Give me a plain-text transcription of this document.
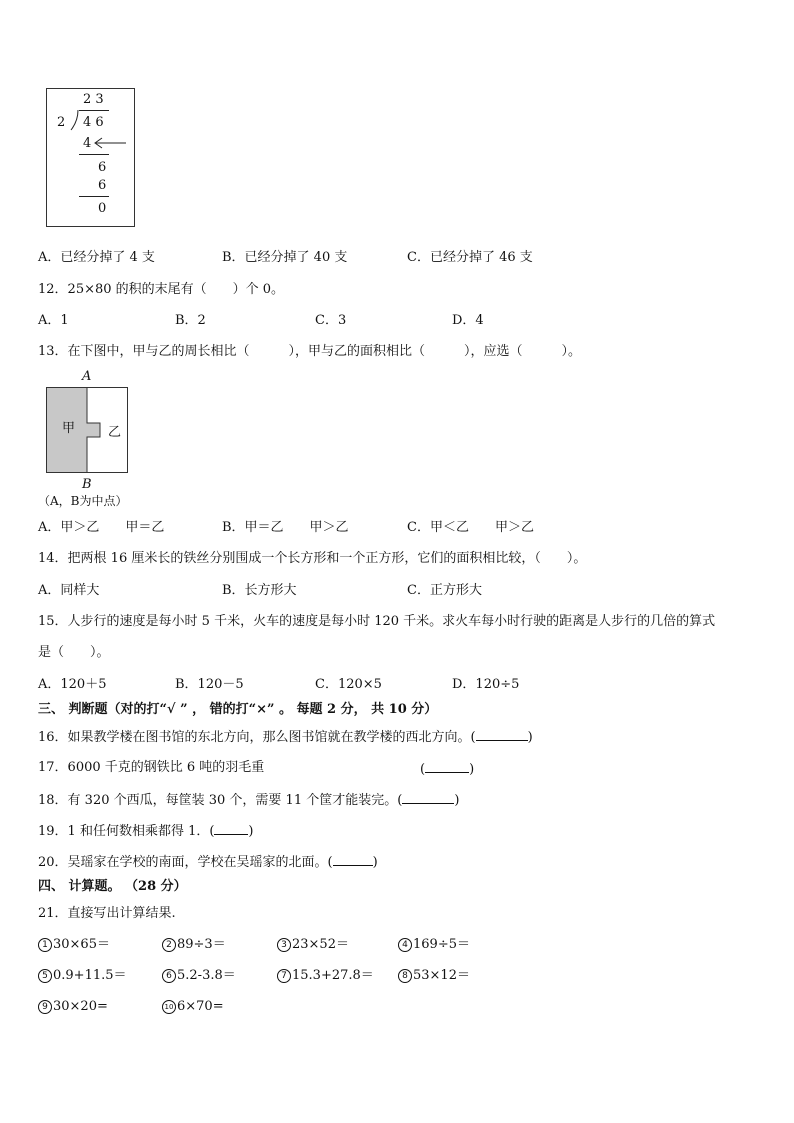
2 3
2 4 6
4
6
6
0
A．已经分掉了 4 支	B．已经分掉了 40 支	C．已经分掉了 46 支
12．25×80 的积的末尾有（　　）个 0。
A．1	B．2	C．3	D．4
13．在下图中，甲与乙的周长相比（　　　），甲与乙的面积相比（　　　），应选（　　　）。
A
甲	乙
B
（A，B为中点）
A．甲＞乙　　甲＝乙	B．甲＝乙　　甲＞乙	C．甲＜乙　　甲＞乙
14．把两根 16 厘米长的铁丝分别围成一个长方形和一个正方形，它们的面积相比较，（　　）。
A．同样大	B．长方形大	C．正方形大
15．人步行的速度是每小时 5 千米，火车的速度是每小时 120 千米。求火车每小时行驶的距离是人步行的几倍的算式
是（　　）。
A．120＋5	B．120－5	C．120×5	D．120÷5
三、 判断题（对的打“√ ” ， 错的打“×” 。 每题 2 分， 共 10 分）
16．如果教学楼在图书馆的东北方向，那么图书馆就在教学楼的西北方向。(	)
17．6000 千克的钢铁比 6 吨的羽毛重	(	)
18．有 320 个西瓜，每筐装 30 个，需要 11 个筐才能装完。(	)
19．1 和任何数相乘都得 1．(	)
20．吴瑶家在学校的南面，学校在吴瑶家的北面。(	)
四、 计算题。 （28 分）
21．直接写出计算结果.
1 30×65＝	2 89÷3＝	3 23×52＝	4 169÷5＝
5 0.9+11.5＝	6 5.2-3.8＝	7 15.3+27.8＝	8 53×12＝
9 30×20=	10 6×70=
